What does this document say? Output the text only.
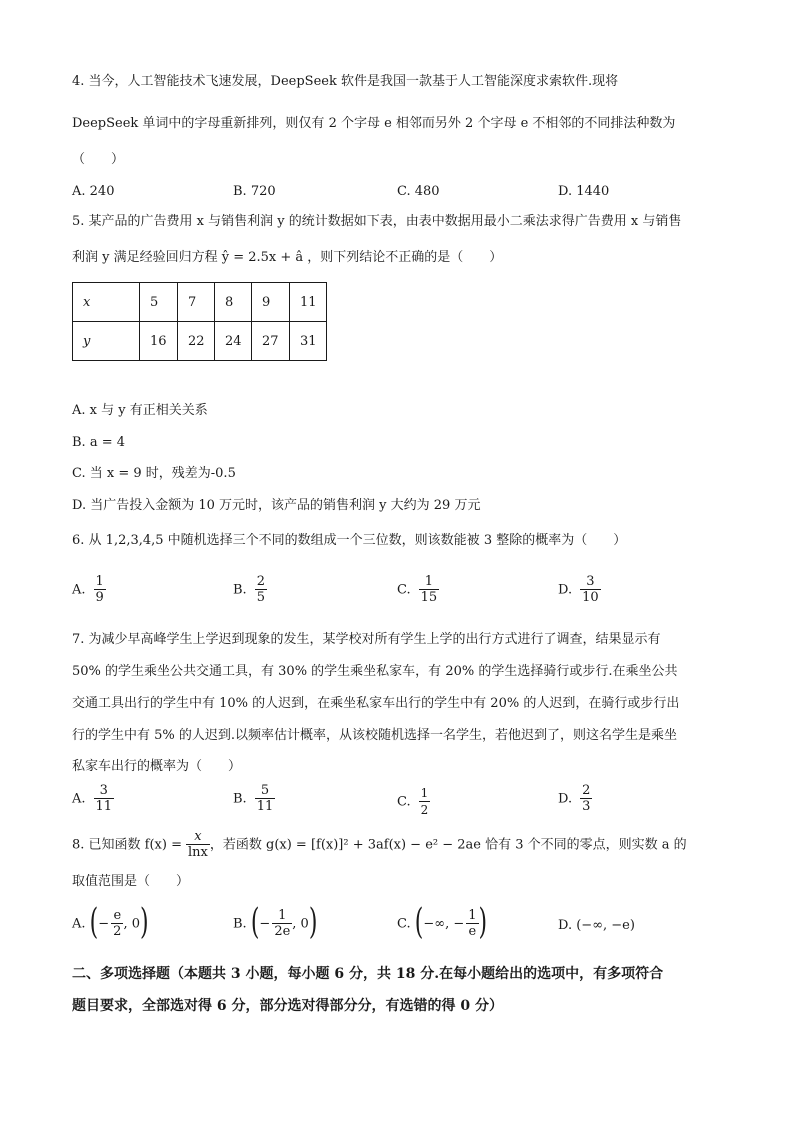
4. 当今，人工智能技术飞速发展，DeepSeek 软件是我国一款基于人工智能深度求索软件.现将
DeepSeek 单词中的字母重新排列，则仅有 2 个字母 e 相邻而另外 2 个字母 e 不相邻的不同排法种数为
（　　）
A. 240	B. 720	C. 480	D. 1440
5. 某产品的广告费用 x 与销售利润 y 的统计数据如下表，由表中数据用最小二乘法求得广告费用 x 与销售
利润 y 满足经验回归方程 ŷ = 2.5x + â ，则下列结论不正确的是（　　）
x	5	7	8	9	11
y	16	22	24	27	31
A. x 与 y 有正相关关系
B. a = 4
C. 当 x = 9 时，残差为-0.5
D. 当广告投入金额为 10 万元时，该产品的销售利润 y 大约为 29 万元
6. 从 1,2,3,4,5 中随机选择三个不同的数组成一个三位数，则该数能被 3 整除的概率为（　　）
A. $\frac{1}{9}$	B. $\frac{2}{5}$	C. $\frac{1}{15}$	D. $\frac{3}{10}$
7. 为减少早高峰学生上学迟到现象的发生，某学校对所有学生上学的出行方式进行了调查，结果显示有
50% 的学生乘坐公共交通工具，有 30% 的学生乘坐私家车，有 20% 的学生选择骑行或步行.在乘坐公共
交通工具出行的学生中有 10% 的人迟到，在乘坐私家车出行的学生中有 20% 的人迟到，在骑行或步行出
行的学生中有 5% 的人迟到.以频率估计概率，从该校随机选择一名学生，若他迟到了，则这名学生是乘坐
私家车出行的概率为（　　）
A. $\frac{3}{11}$	B. $\frac{5}{11}$	C. $\frac{1}{2}$	D. $\frac{2}{3}$
8. 已知函数 $f(x) = \frac{x}{\ln x}$ ，若函数 g(x) = [f(x)]² + 3af(x) − e² − 2ae 恰有 3 个不同的零点，则实数 a 的
取值范围是（　　）
A. (− $\frac{e}{2}$ , 0)	B. (− $\frac{1}{2e}$ , 0)	C. (−∞, − $\frac{1}{e}$ )	D. (−∞, −e)
二、多项选择题（本题共 3 小题，每小题 6 分，共 18 分.在每小题给出的选项中，有多项符合
题目要求，全部选对得 6 分，部分选对得部分分，有选错的得 0 分）
